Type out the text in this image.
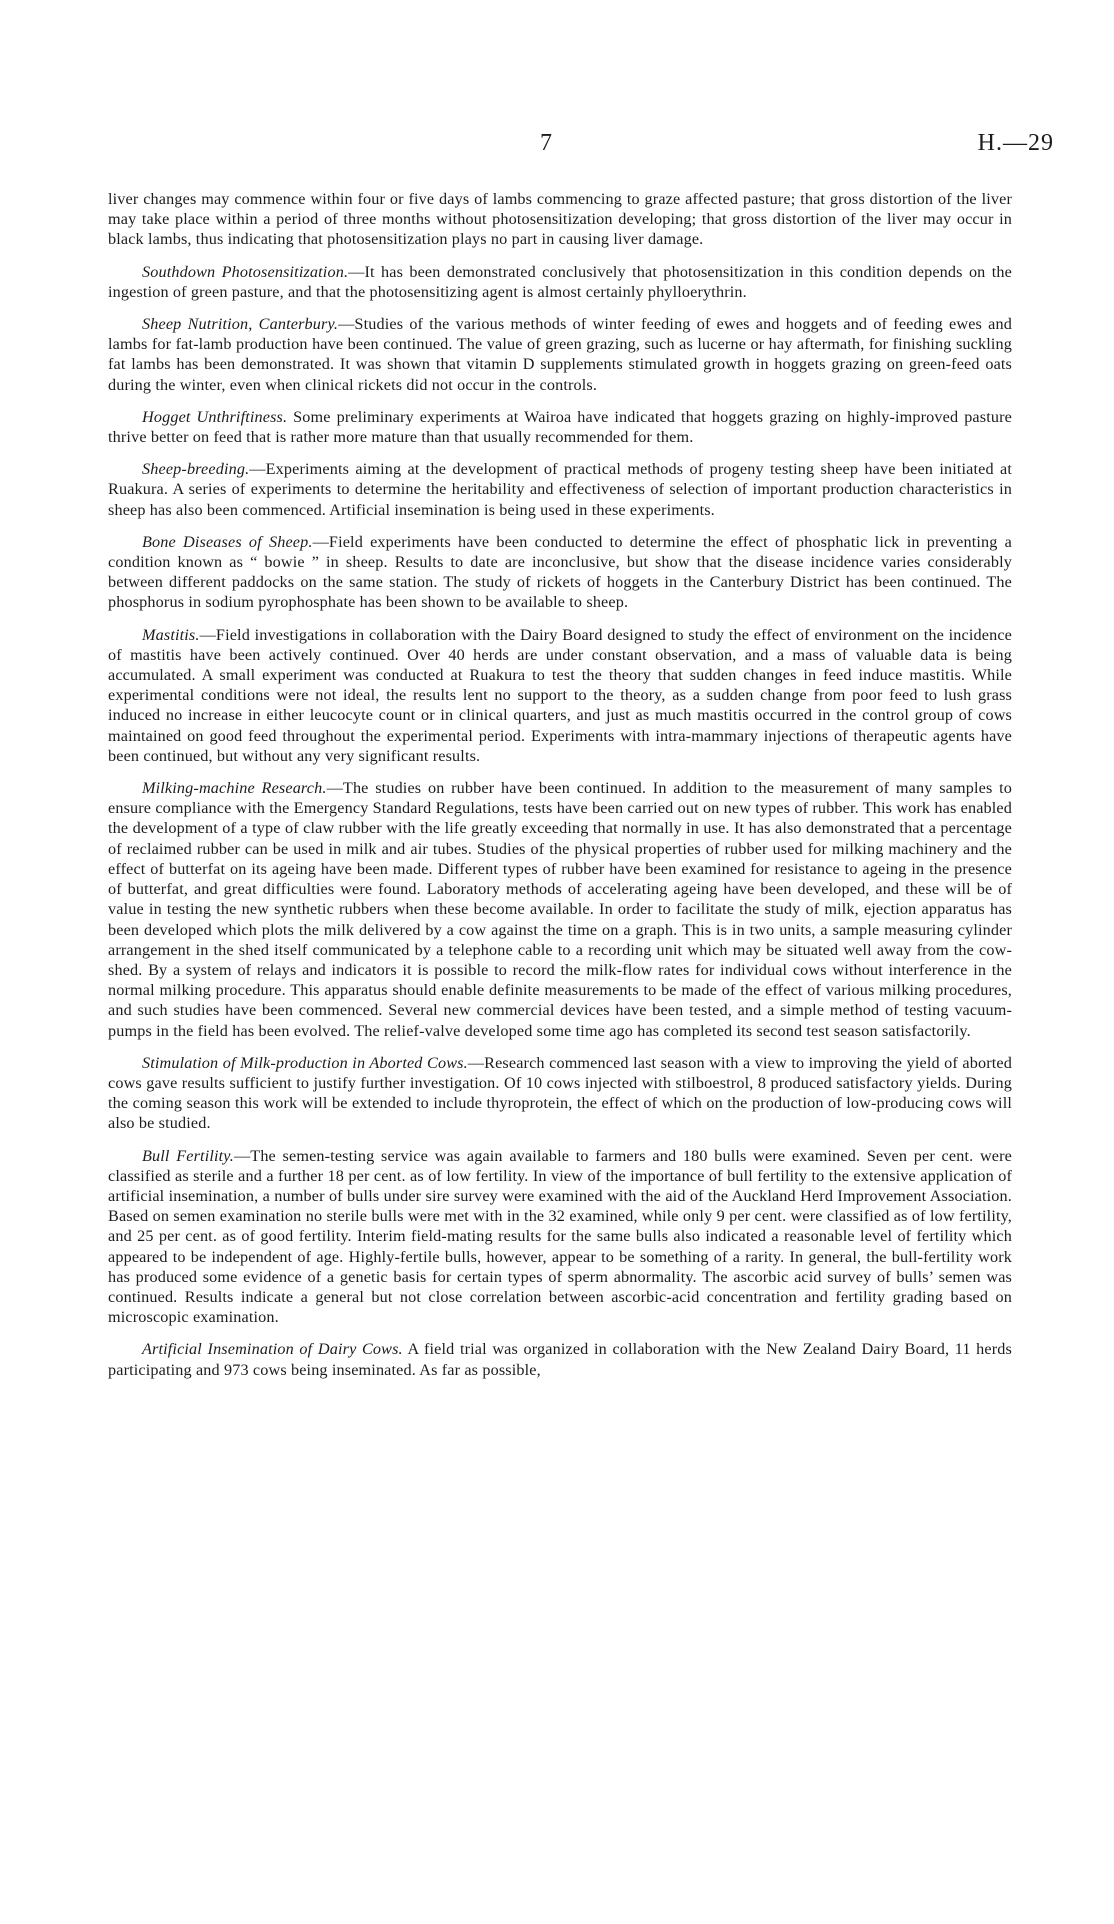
7	H.—29

liver changes may commence within four or five days of lambs commencing to graze affected pasture; that gross distortion of the liver may take place within a period of three months without photosensitization developing; that gross distortion of the liver may occur in black lambs, thus indicating that photosensitization plays no part in causing liver damage.

Southdown Photosensitization.—It has been demonstrated conclusively that photosensitization in this condition depends on the ingestion of green pasture, and that the photosensitizing agent is almost certainly phylloerythrin.

Sheep Nutrition, Canterbury.—Studies of the various methods of winter feeding of ewes and hoggets and of feeding ewes and lambs for fat-lamb production have been continued. The value of green grazing, such as lucerne or hay aftermath, for finishing suckling fat lambs has been demonstrated. It was shown that vitamin D supplements stimulated growth in hoggets grazing on green-feed oats during the winter, even when clinical rickets did not occur in the controls.

Hogget Unthriftiness. Some preliminary experiments at Wairoa have indicated that hoggets grazing on highly-improved pasture thrive better on feed that is rather more mature than that usually recommended for them.

Sheep-breeding.—Experiments aiming at the development of practical methods of progeny testing sheep have been initiated at Ruakura. A series of experiments to determine the heritability and effectiveness of selection of important production characteristics in sheep has also been commenced. Artificial insemination is being used in these experiments.

Bone Diseases of Sheep.—Field experiments have been conducted to determine the effect of phosphatic lick in preventing a condition known as “ bowie ” in sheep. Results to date are inconclusive, but show that the disease incidence varies considerably between different paddocks on the same station. The study of rickets of hoggets in the Canterbury District has been continued. The phosphorus in sodium pyrophosphate has been shown to be available to sheep.

Mastitis.—Field investigations in collaboration with the Dairy Board designed to study the effect of environment on the incidence of mastitis have been actively continued. Over 40 herds are under constant observation, and a mass of valuable data is being accumulated. A small experiment was conducted at Ruakura to test the theory that sudden changes in feed induce mastitis. While experimental conditions were not ideal, the results lent no support to the theory, as a sudden change from poor feed to lush grass induced no increase in either leucocyte count or in clinical quarters, and just as much mastitis occurred in the control group of cows maintained on good feed throughout the experimental period. Experiments with intra-mammary injections of therapeutic agents have been continued, but without any very significant results.

Milking-machine Research.—The studies on rubber have been continued. In addition to the measurement of many samples to ensure compliance with the Emergency Standard Regulations, tests have been carried out on new types of rubber. This work has enabled the development of a type of claw rubber with the life greatly exceeding that normally in use. It has also demonstrated that a percentage of reclaimed rubber can be used in milk and air tubes. Studies of the physical properties of rubber used for milking machinery and the effect of butterfat on its ageing have been made. Different types of rubber have been examined for resistance to ageing in the presence of butterfat, and great difficulties were found. Laboratory methods of accelerating ageing have been developed, and these will be of value in testing the new synthetic rubbers when these become available. In order to facilitate the study of milk, ejection apparatus has been developed which plots the milk delivered by a cow against the time on a graph. This is in two units, a sample measuring cylinder arrangement in the shed itself communicated by a telephone cable to a recording unit which may be situated well away from the cow-shed. By a system of relays and indicators it is possible to record the milk-flow rates for individual cows without interference in the normal milking procedure. This apparatus should enable definite measurements to be made of the effect of various milking procedures, and such studies have been commenced. Several new commercial devices have been tested, and a simple method of testing vacuum-pumps in the field has been evolved. The relief-valve developed some time ago has completed its second test season satisfactorily.

Stimulation of Milk-production in Aborted Cows.—Research commenced last season with a view to improving the yield of aborted cows gave results sufficient to justify further investigation. Of 10 cows injected with stilboestrol, 8 produced satisfactory yields. During the coming season this work will be extended to include thyroprotein, the effect of which on the production of low-producing cows will also be studied.

Bull Fertility.—The semen-testing service was again available to farmers and 180 bulls were examined. Seven per cent. were classified as sterile and a further 18 per cent. as of low fertility. In view of the importance of bull fertility to the extensive application of artificial insemination, a number of bulls under sire survey were examined with the aid of the Auckland Herd Improvement Association. Based on semen examination no sterile bulls were met with in the 32 examined, while only 9 per cent. were classified as of low fertility, and 25 per cent. as of good fertility. Interim field-mating results for the same bulls also indicated a reasonable level of fertility which appeared to be independent of age. Highly-fertile bulls, however, appear to be something of a rarity. In general, the bull-fertility work has produced some evidence of a genetic basis for certain types of sperm abnormality. The ascorbic acid survey of bulls’ semen was continued. Results indicate a general but not close correlation between ascorbic-acid concentration and fertility grading based on microscopic examination.

Artificial Insemination of Dairy Cows. A field trial was organized in collaboration with the New Zealand Dairy Board, 11 herds participating and 973 cows being inseminated. As far as possible,
